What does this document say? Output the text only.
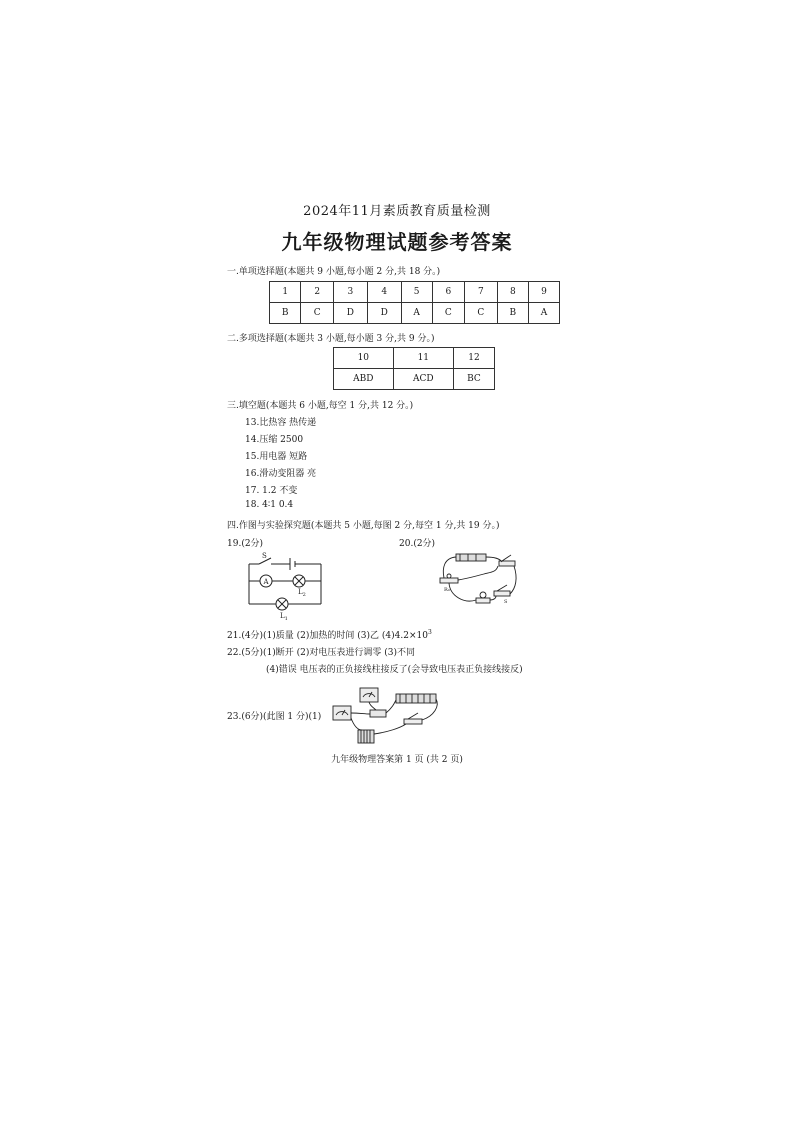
2024年11月素质教育质量检测
九年级物理试题参考答案
一.单项选择题(本题共 9 小题,每小题 2 分,共 18 分。)
1	2	3	4	5	6	7	8	9
B	C	D	D	A	C	C	B	A
二.多项选择题(本题共 3 小题,每小题 3 分,共 9 分。)
10	11	12
ABD	ACD	BC
三.填空题(本题共 6 小题,每空 1 分,共 12 分。)
13.比热容 热传递
14.压缩 2500
15.用电器 短路
16.滑动变阻器 亮
17. 1.2 不变
18. 4∶1 0.4
四.作图与实验探究题(本题共 5 小题,每图 2 分,每空 1 分,共 19 分。)
19.(2分)	20.(2分)
S
A
$L_2$
$L_1$
R₀
S
21.(4分)(1)质量 (2)加热的时间 (3)乙 $(4)4.2\times 10^3$
22.(5分)(1)断开 (2)对电压表进行调零 (3)不同
(4)错误 电压表的正负接线柱接反了(会导致电压表正负接线接反)
23.(6分)(此图 1 分)(1)
九年级物理答案第 1 页 (共 2 页)
